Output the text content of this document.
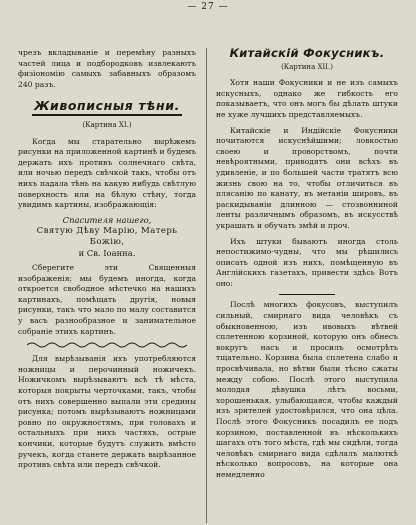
— 27 —

чрезъ вкладываніе и перемѣну разныхъ частей лица и подбородковъ извлекаютъ физіономію самыхъ забавныхъ образомъ 240 разъ.

Живописныя тѣни.
(Картина XI.)

Когда мы старательно вырѣжемъ рисунки на приложенной картинѣ и будемъ держать ихъ противъ солнечнаго свѣта, или ночью передъ свѣчкой такъ, чтобы отъ нихъ падала тѣнь на какую нибудь свѣтлую поверхность или на бѣлую стѣну, тогда увидимъ картины, изображающія:

Спасителя нашего,

Святую Дѣву Марію, Матерь Божію,

и Св. Іоанна.

Сберегите эти Священныя изображенія; мы будемъ иногда, когда откроется свободное мѣстечко на нашихъ картинахъ, помѣщать другія, новыя рисунки, такъ что мало по малу составится у васъ разнообразное и занимательное собраніе этихъ картинъ.

Для вырѣзыванія ихъ употребляются ножницы и перочинный ножичекъ. Ножичкомъ вырѣзываютъ всѣ тѣ мѣста, которыя покрыты черточками, такъ, чтобы отъ нихъ совершенно выпали эти средины рисунка; потомъ вырѣзываютъ ножницами ровно по окружностямъ, при головахъ и остальныхъ при нихъ частяхъ, острые кончики, которые будутъ служить вмѣсто ручекъ, когда станете держать вырѣзанное противъ свѣта или передъ свѣчкой.

Китайскій Фокусникъ.
(Картина XII.)

Хотя наши Фокусники и не изъ самыхъ искусныхъ, однако же гибкость его показываетъ, что онъ могъ бы дѣлать штуки не хуже лучшихъ представляемыхъ.

Китайскіе и Индійскіе Фокусники почитаются искуснѣйшими; ловкостью своею и проворствомъ, почти невѣроятными, приводятъ они всѣхъ въ удивленіе, и по большей части тратятъ всю жизнь свою на то, чтобы отличиться въ плясанію по канату, въ метаніи шировъ, въ раскидываніи длинною — стозвонниной ленты различнымъ образомъ, въ искусствѣ украшать и обучать змѣй и проч.

Ихъ штуки бываютъ иногда столь непостижимо-чудны, что мы рѣшились описать одной изъ нихъ, помѣщенную въ Англійскихъ газетахъ, привести здѣсь Вотъ оно:

Послѣ многихъ фокусовъ, выступилъ сильный, смирнаго вида человѣкъ съ обыкновенною, изъ ивовыхъ вѣтвей сплетенною корзиной, которую онъ обнесъ вокругъ насъ и просилъ осмотрѣть тщательно. Корзина была сплетена слабо и просвѣчивала, но вѣтви были тѣсно сжаты между собою. Послѣ этого выступила молодая дѣвушка лѣтъ восьми, хорошенькая, улыбающаяся, чтобы каждый изъ зрителей удостовѣрился, что она цѣла. Послѣ этого Фокусникъ посадилъ ее подъ корзиною, поставленной въ нѣсколькихъ шагахъ отъ того мѣста, гдѣ мы сидѣли, тогда человѣкъ смирнаго вида сдѣлалъ малюткѣ нѣсколько вопросовъ, на которые она немедленно
